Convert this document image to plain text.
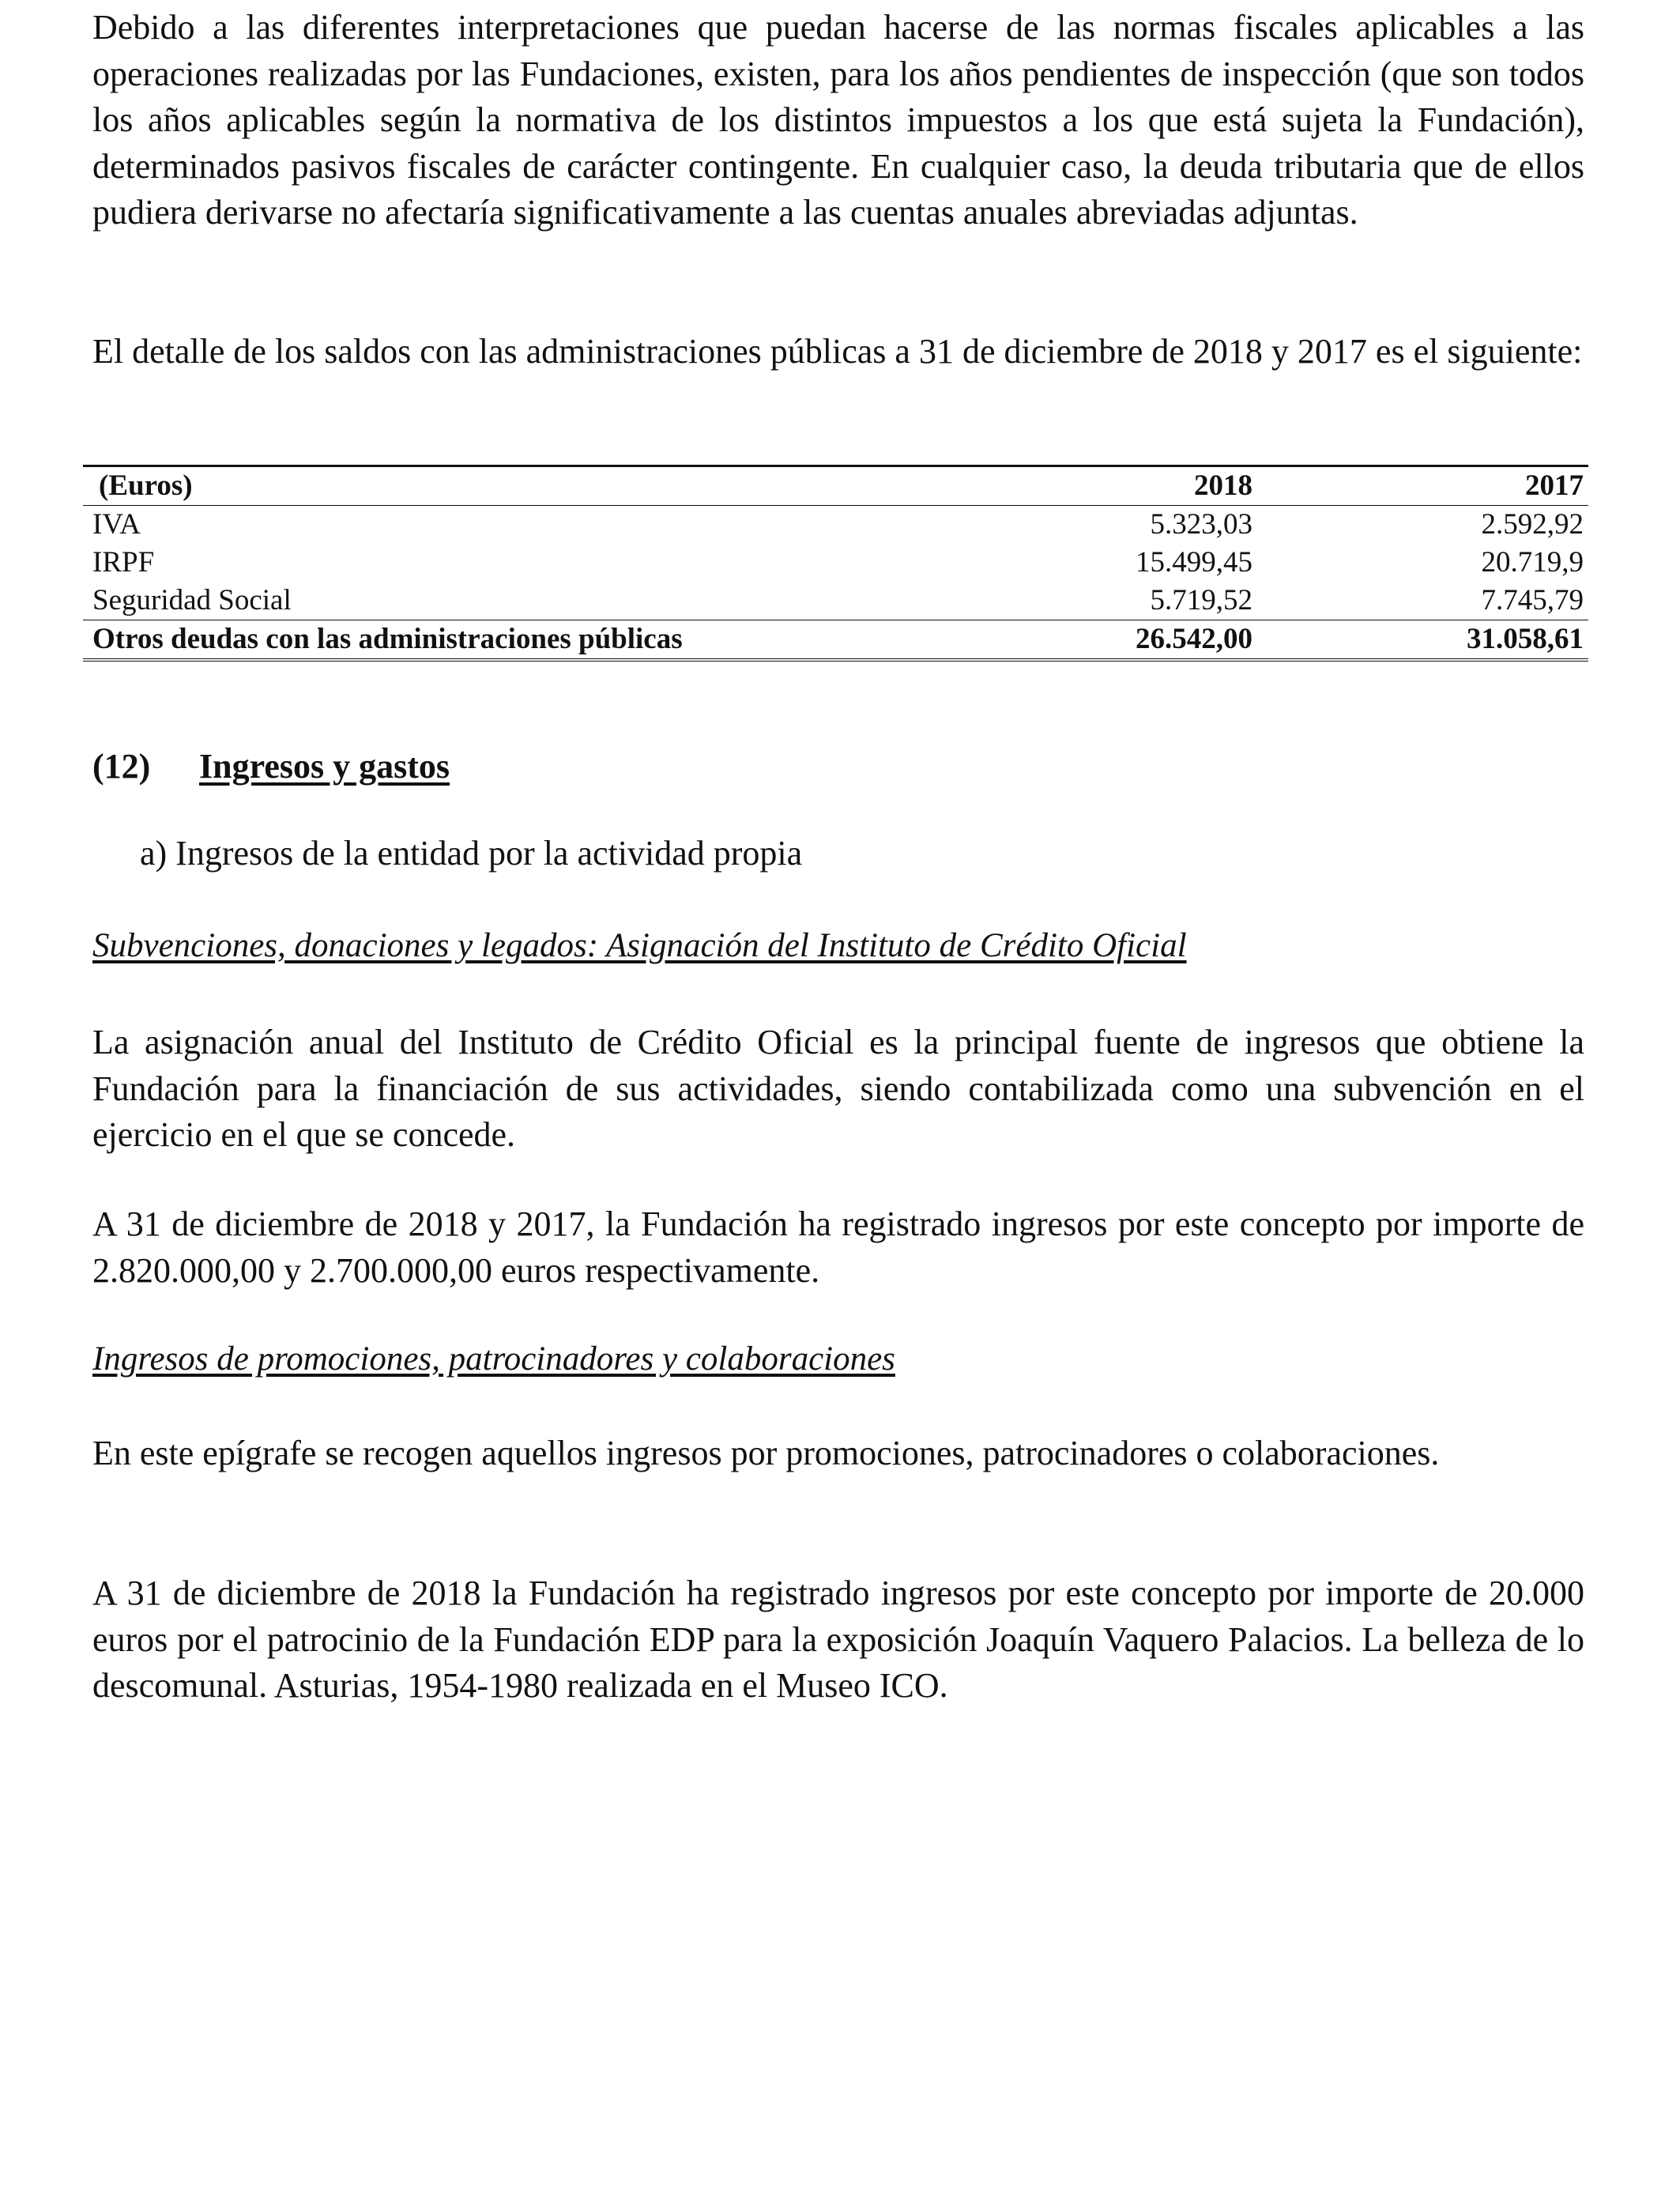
Debido a las diferentes interpretaciones que puedan hacerse de las normas fiscales aplicables a las operaciones realizadas por las Fundaciones, existen, para los años pendientes de inspección (que son todos los años aplicables según la normativa de los distintos impuestos a los que está sujeta la Fundación), determinados pasivos fiscales de carácter contingente. En cualquier caso, la deuda tributaria que de ellos pudiera derivarse no afectaría significativamente a las cuentas anuales abreviadas adjuntas.

El detalle de los saldos con las administraciones públicas a 31 de diciembre de 2018 y 2017 es el siguiente:

(Euros)	2018	2017
IVA	5.323,03	2.592,92
IRPF	15.499,45	20.719,9
Seguridad Social	5.719,52	7.745,79
Otros deudas con las administraciones públicas	26.542,00	31.058,61
(12) Ingresos y gastos

a) Ingresos de la entidad por la actividad propia

Subvenciones, donaciones y legados: Asignación del Instituto de Crédito Oficial

La asignación anual del Instituto de Crédito Oficial es la principal fuente de ingresos que obtiene la Fundación para la financiación de sus actividades, siendo contabilizada como una subvención en el ejercicio en el que se concede.

A 31 de diciembre de 2018 y 2017, la Fundación ha registrado ingresos por este concepto por importe de 2.820.000,00 y 2.700.000,00 euros respectivamente.

Ingresos de promociones, patrocinadores y colaboraciones

En este epígrafe se recogen aquellos ingresos por promociones, patrocinadores o colaboraciones.

A 31 de diciembre de 2018 la Fundación ha registrado ingresos por este concepto por importe de 20.000 euros por el patrocinio de la Fundación EDP para la exposición Joaquín Vaquero Palacios. La belleza de lo descomunal. Asturias, 1954-1980 realizada en el Museo ICO.
